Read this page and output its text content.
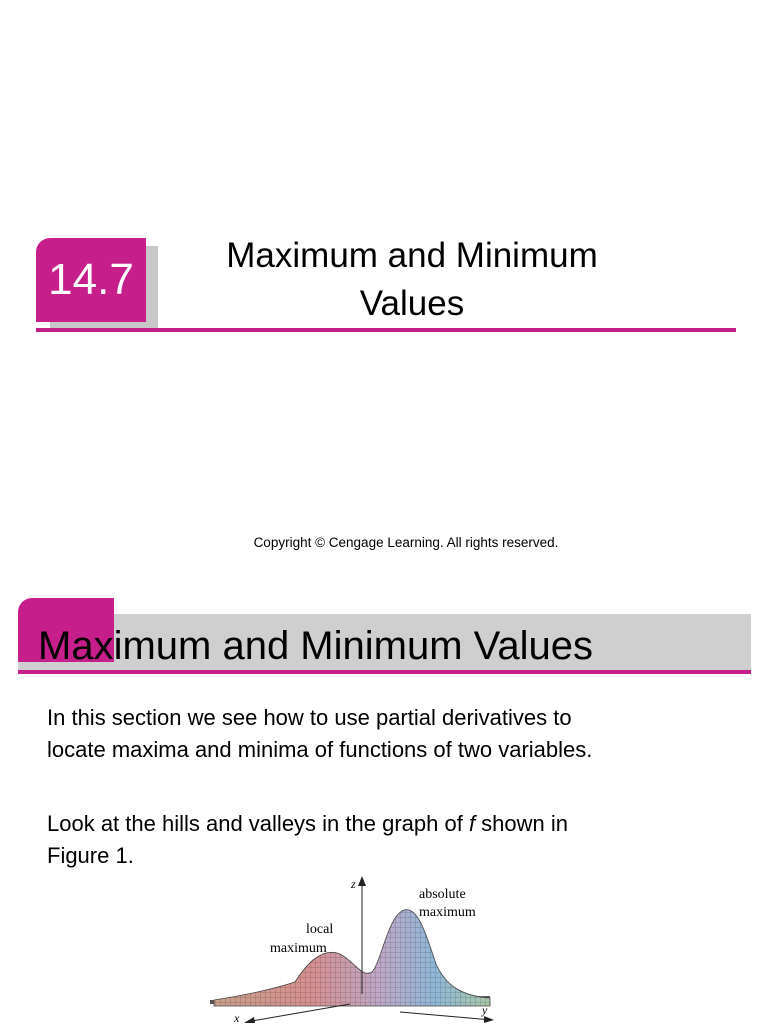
14.7	Maximum and Minimum
Values
Copyright © Cengage Learning. All rights reserved.
Maximum and Minimum Values
In this section we see how to use partial derivatives to
locate maxima and minima of functions of two variables.
Look at the hills and valleys in the graph of f shown in
Figure 1.
z
x
y
absolute
maximum
local
maximum
